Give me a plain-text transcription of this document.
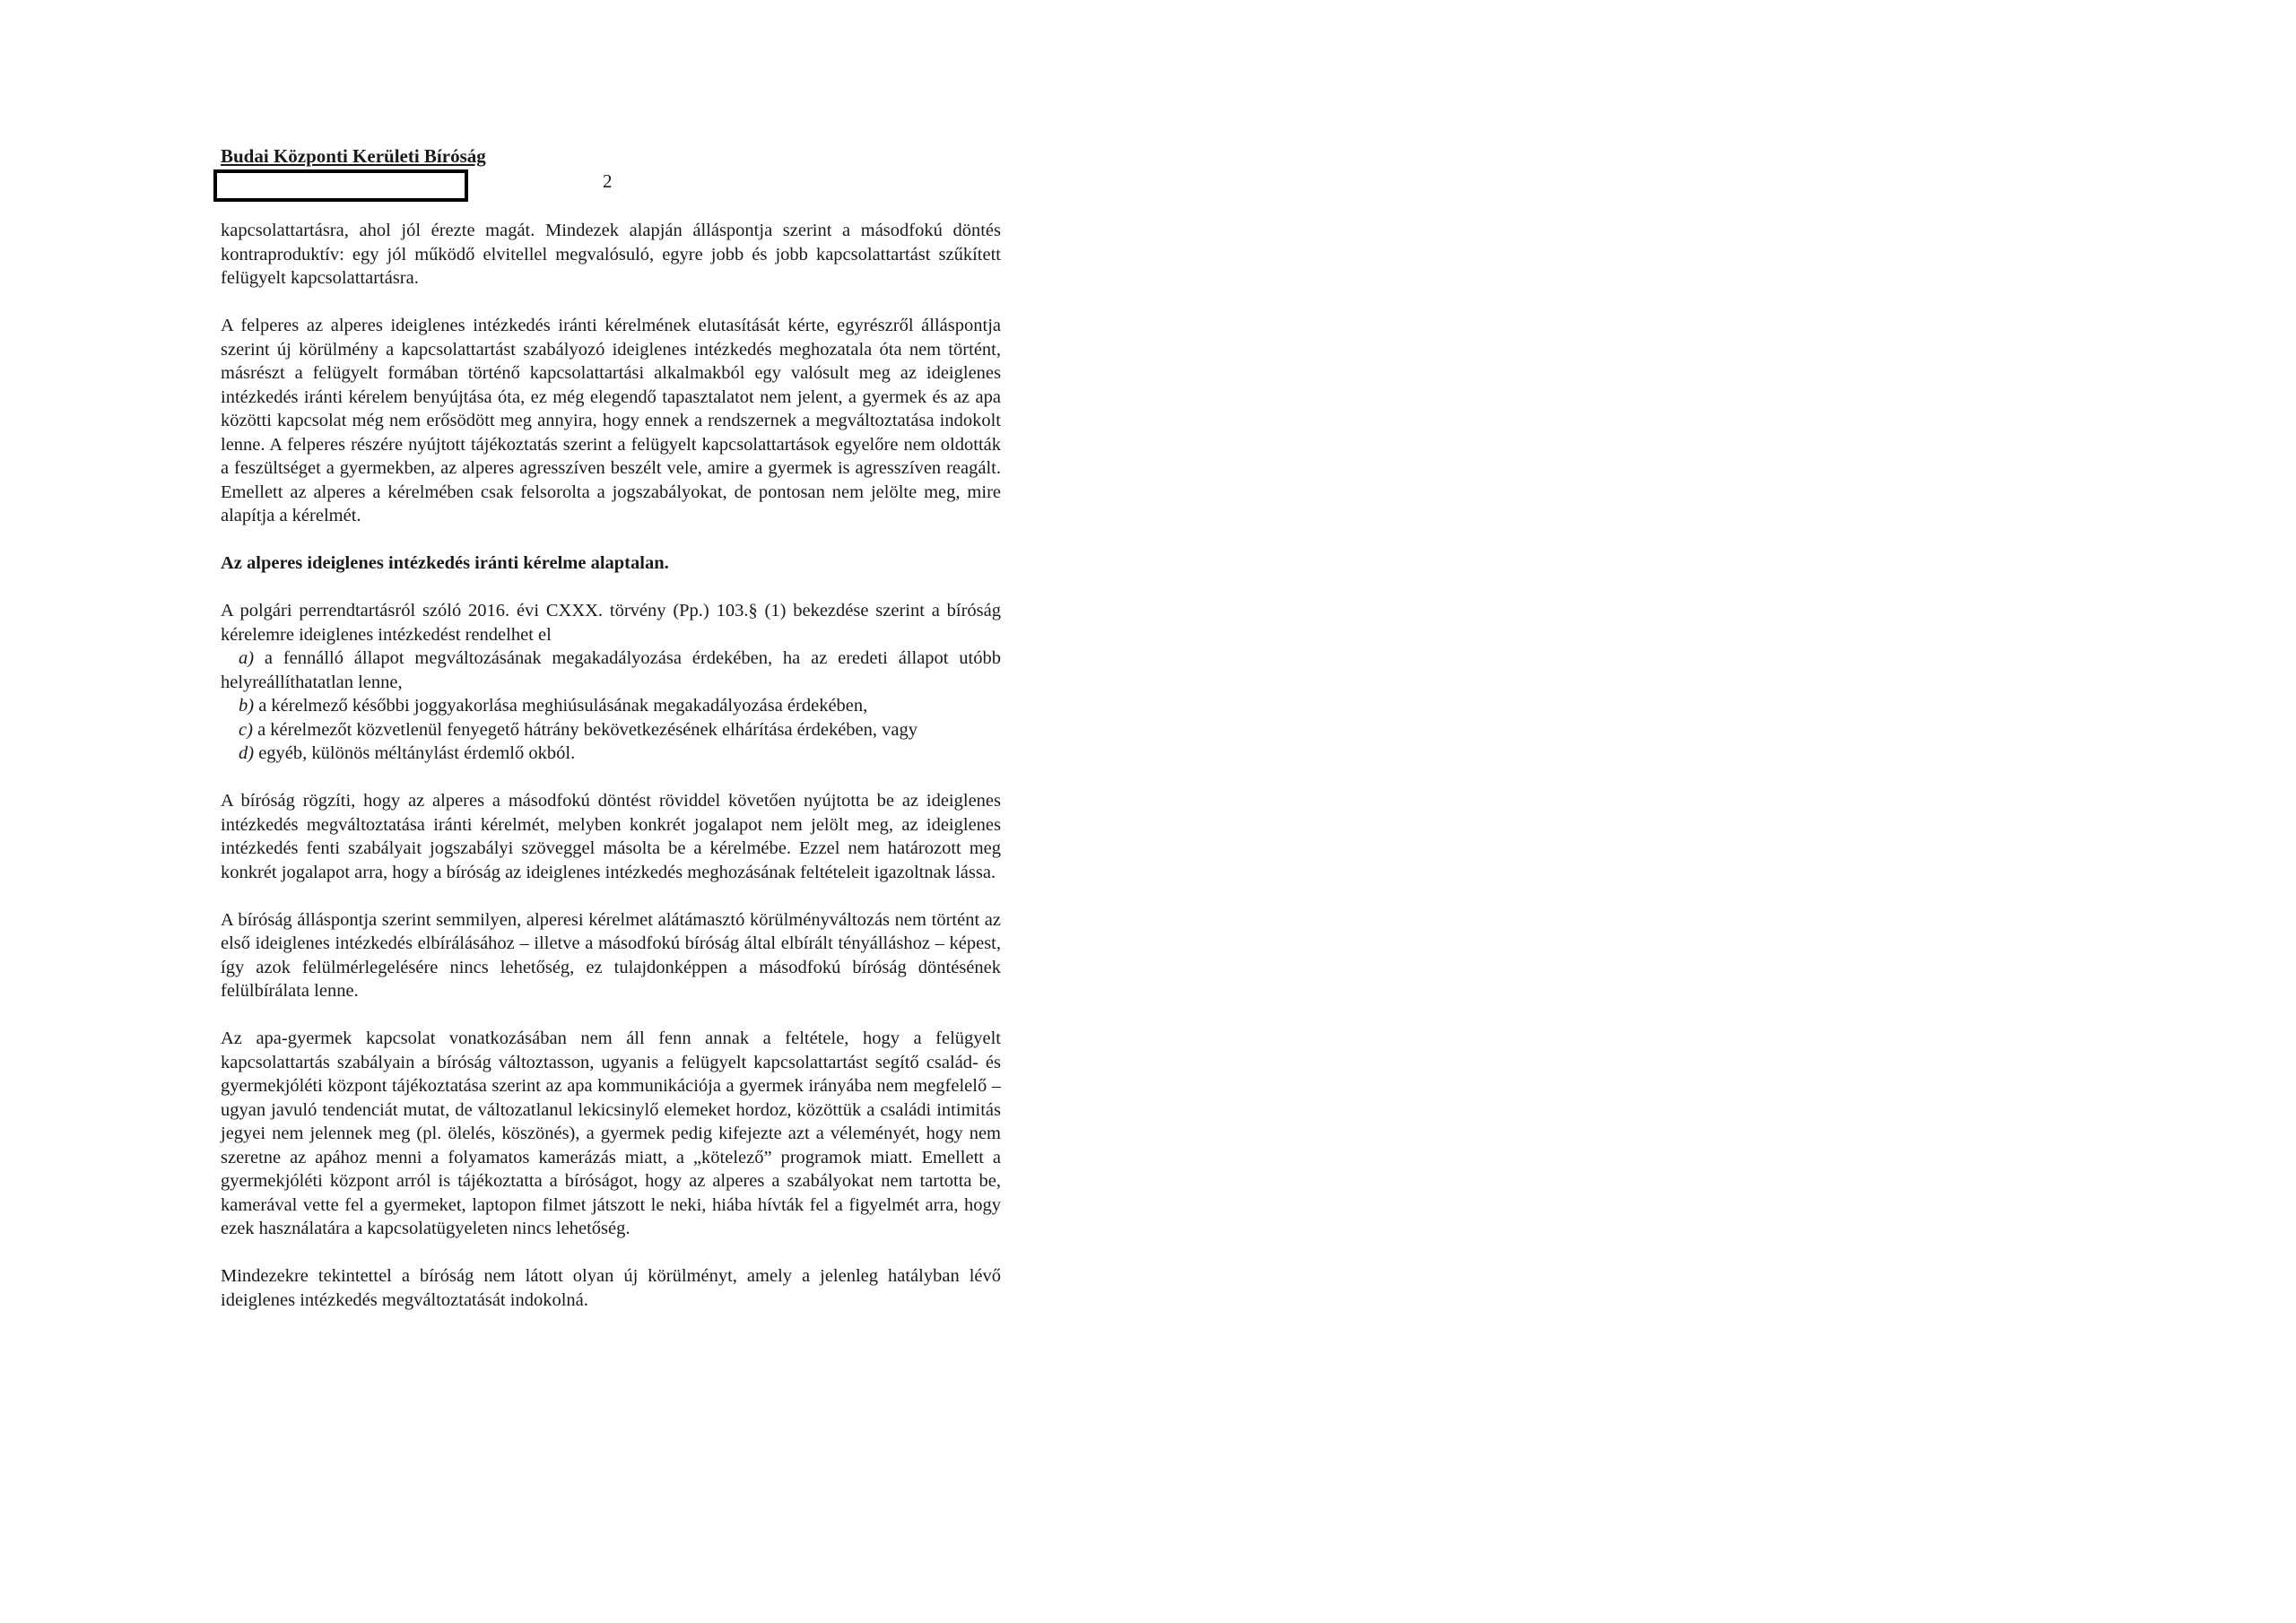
Budai Központi Kerületi Bíróság
2

kapcsolattartásra, ahol jól érezte magát. Mindezek alapján álláspontja szerint a másodfokú döntés kontraproduktív: egy jól működő elvitellel megvalósuló, egyre jobb és jobb kapcsolattartást szűkített felügyelt kapcsolattartásra.

A felperes az alperes ideiglenes intézkedés iránti kérelmének elutasítását kérte, egyrészről álláspontja szerint új körülmény a kapcsolattartást szabályozó ideiglenes intézkedés meghozatala óta nem történt, másrészt a felügyelt formában történő kapcsolattartási alkalmakból egy valósult meg az ideiglenes intézkedés iránti kérelem benyújtása óta, ez még elegendő tapasztalatot nem jelent, a gyermek és az apa közötti kapcsolat még nem erősödött meg annyira, hogy ennek a rendszernek a megváltoztatása indokolt lenne. A felperes részére nyújtott tájékoztatás szerint a felügyelt kapcsolattartások egyelőre nem oldották a feszültséget a gyermekben, az alperes agresszíven beszélt vele, amire a gyermek is agresszíven reagált. Emellett az alperes a kérelmében csak felsorolta a jogszabályokat, de pontosan nem jelölte meg, mire alapítja a kérelmét.

Az alperes ideiglenes intézkedés iránti kérelme alaptalan.

A polgári perrendtartásról szóló 2016. évi CXXX. törvény (Pp.) 103.§ (1) bekezdése szerint a bíróság kérelemre ideiglenes intézkedést rendelhet el

a) a fennálló állapot megváltozásának megakadályozása érdekében, ha az eredeti állapot utóbb helyreállíthatatlan lenne,

b) a kérelmező későbbi joggyakorlása meghiúsulásának megakadályozása érdekében,

c) a kérelmezőt közvetlenül fenyegető hátrány bekövetkezésének elhárítása érdekében, vagy

d) egyéb, különös méltánylást érdemlő okból.

A bíróság rögzíti, hogy az alperes a másodfokú döntést röviddel követően nyújtotta be az ideiglenes intézkedés megváltoztatása iránti kérelmét, melyben konkrét jogalapot nem jelölt meg, az ideiglenes intézkedés fenti szabályait jogszabályi szöveggel másolta be a kérelmébe. Ezzel nem határozott meg konkrét jogalapot arra, hogy a bíróság az ideiglenes intézkedés meghozásának feltételeit igazoltnak lássa.

A bíróság álláspontja szerint semmilyen, alperesi kérelmet alátámasztó körülményváltozás nem történt az első ideiglenes intézkedés elbírálásához – illetve a másodfokú bíróság által elbírált tényálláshoz – képest, így azok felülmérlegelésére nincs lehetőség, ez tulajdonképpen a másodfokú bíróság döntésének felülbírálata lenne.

Az apa-gyermek kapcsolat vonatkozásában nem áll fenn annak a feltétele, hogy a felügyelt kapcsolattartás szabályain a bíróság változtasson, ugyanis a felügyelt kapcsolattartást segítő család- és gyermekjóléti központ tájékoztatása szerint az apa kommunikációja a gyermek irányába nem megfelelő – ugyan javuló tendenciát mutat, de változatlanul lekicsinylő elemeket hordoz, közöttük a családi intimitás jegyei nem jelennek meg (pl. ölelés, köszönés), a gyermek pedig kifejezte azt a véleményét, hogy nem szeretne az apához menni a folyamatos kamerázás miatt, a „kötelező” programok miatt. Emellett a gyermekjóléti központ arról is tájékoztatta a bíróságot, hogy az alperes a szabályokat nem tartotta be, kamerával vette fel a gyermeket, laptopon filmet játszott le neki, hiába hívták fel a figyelmét arra, hogy ezek használatára a kapcsolatügyeleten nincs lehetőség.

Mindezekre tekintettel a bíróság nem látott olyan új körülményt, amely a jelenleg hatályban lévő ideiglenes intézkedés megváltoztatását indokolná.
